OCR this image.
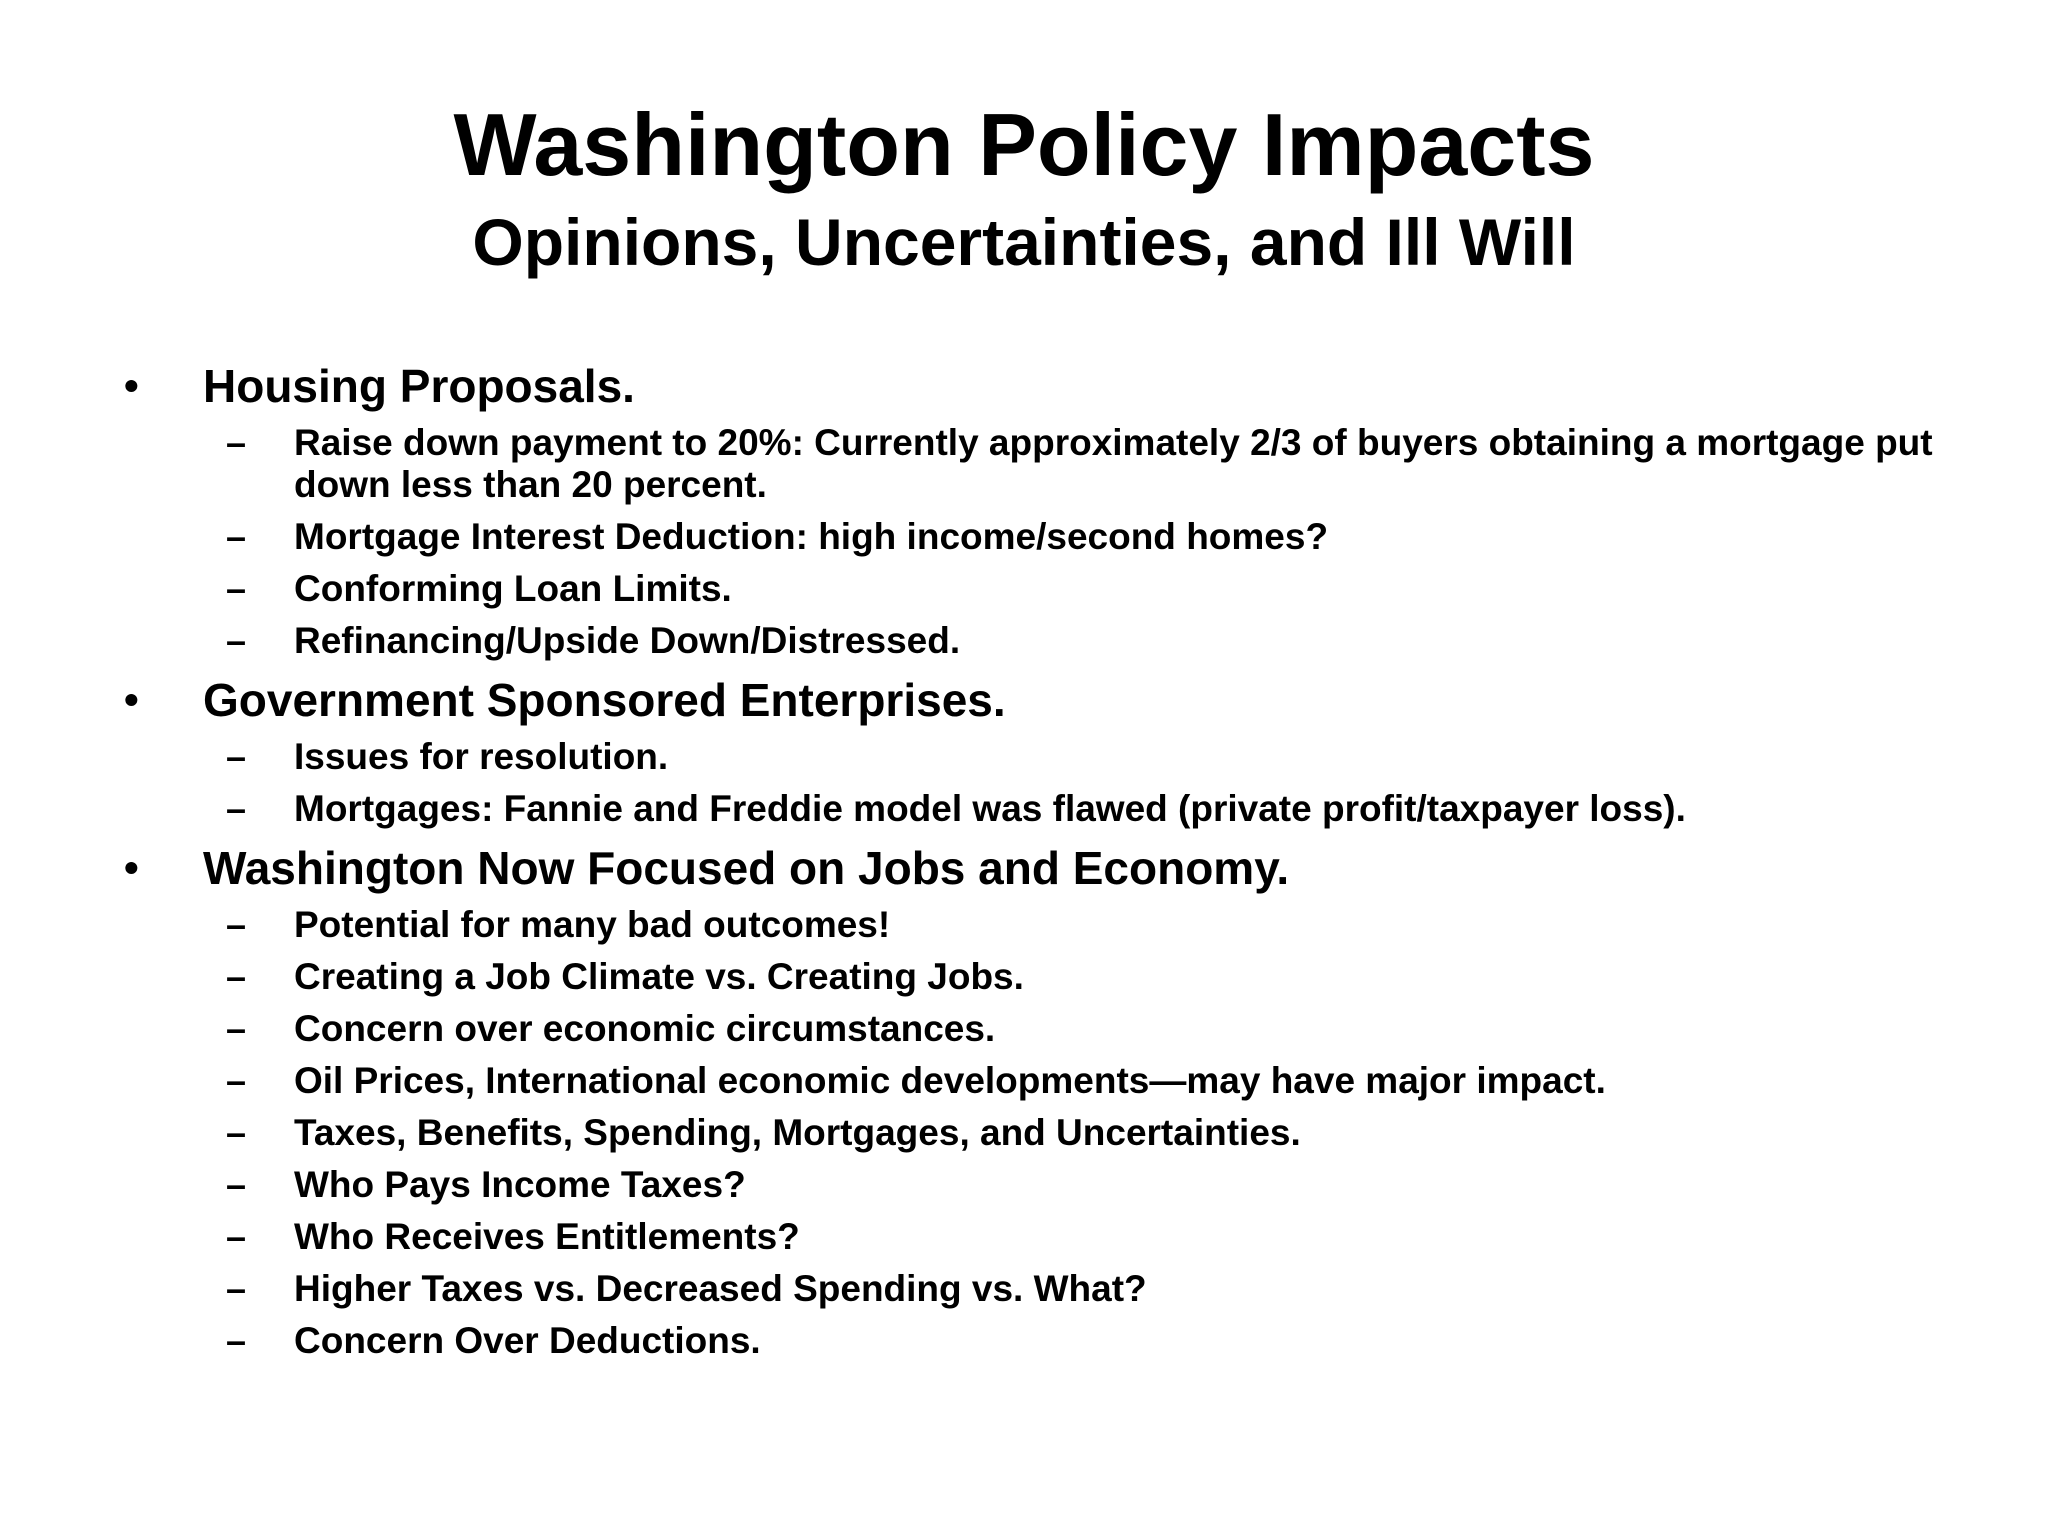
Washington Policy Impacts
Opinions, Uncertainties, and Ill Will
• Housing Proposals.
– Raise down payment to 20%: Currently approximately 2/3 of buyers obtaining a mortgage put down less than 20 percent.
– Mortgage Interest Deduction: high income/second homes?
– Conforming Loan Limits.
– Refinancing/Upside Down/Distressed.
• Government Sponsored Enterprises.
– Issues for resolution.
– Mortgages: Fannie and Freddie model was flawed (private profit/taxpayer loss).
• Washington Now Focused on Jobs and Economy.
– Potential for many bad outcomes!
– Creating a Job Climate vs. Creating Jobs.
– Concern over economic circumstances.
– Oil Prices, International economic developments—may have major impact.
– Taxes, Benefits, Spending, Mortgages, and Uncertainties.
– Who Pays Income Taxes?
– Who Receives Entitlements?
– Higher Taxes vs. Decreased Spending vs. What?
– Concern Over Deductions.
